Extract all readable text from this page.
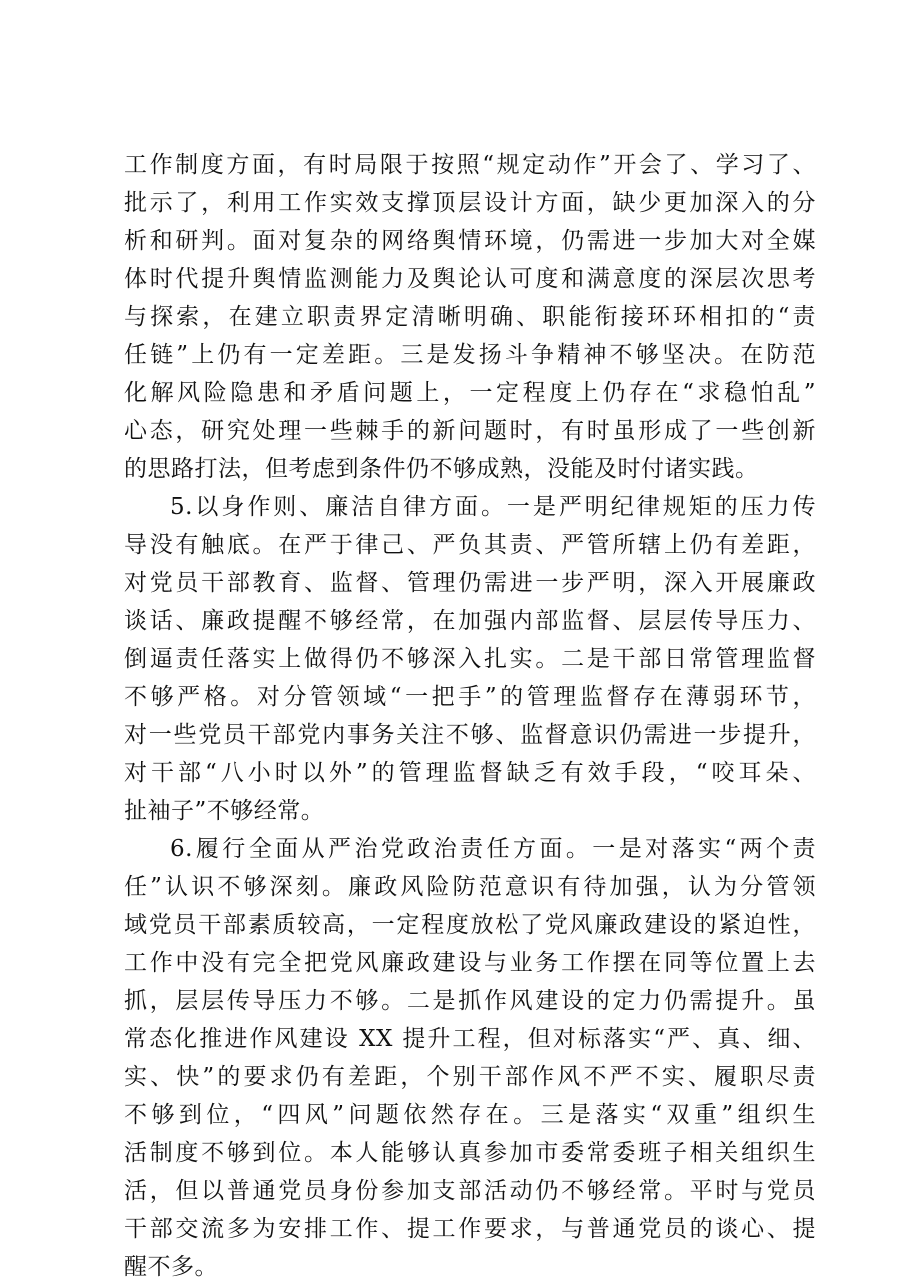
工作制度方面，有时局限于按照“规定动作”开会了、学习了、
批示了，利用工作实效支撑顶层设计方面，缺少更加深入的分
析和研判。面对复杂的网络舆情环境，仍需进一步加大对全媒
体时代提升舆情监测能力及舆论认可度和满意度的深层次思考
与探索，在建立职责界定清晰明确、职能衔接环环相扣的“责
任链”上仍有一定差距。三是发扬斗争精神不够坚决。在防范
化解风险隐患和矛盾问题上，一定程度上仍存在“求稳怕乱”
心态，研究处理一些棘手的新问题时，有时虽形成了一些创新
的思路打法，但考虑到条件仍不够成熟，没能及时付诸实践。
5.以身作则、廉洁自律方面。一是严明纪律规矩的压力传
导没有触底。在严于律己、严负其责、严管所辖上仍有差距，
对党员干部教育、监督、管理仍需进一步严明，深入开展廉政
谈话、廉政提醒不够经常，在加强内部监督、层层传导压力、
倒逼责任落实上做得仍不够深入扎实。二是干部日常管理监督
不够严格。对分管领域“一把手”的管理监督存在薄弱环节，
对一些党员干部党内事务关注不够、监督意识仍需进一步提升，
对干部“八小时以外”的管理监督缺乏有效手段，“咬耳朵、
扯袖子”不够经常。
6.履行全面从严治党政治责任方面。一是对落实“两个责
任”认识不够深刻。廉政风险防范意识有待加强，认为分管领
域党员干部素质较高，一定程度放松了党风廉政建设的紧迫性，
工作中没有完全把党风廉政建设与业务工作摆在同等位置上去
抓，层层传导压力不够。二是抓作风建设的定力仍需提升。虽
常态化推进作风建设 XX 提升工程，但对标落实“严、真、细、
实、快”的要求仍有差距，个别干部作风不严不实、履职尽责
不够到位，“四风”问题依然存在。三是落实“双重”组织生
活制度不够到位。本人能够认真参加市委常委班子相关组织生
活，但以普通党员身份参加支部活动仍不够经常。平时与党员
干部交流多为安排工作、提工作要求，与普通党员的谈心、提
醒不多。
